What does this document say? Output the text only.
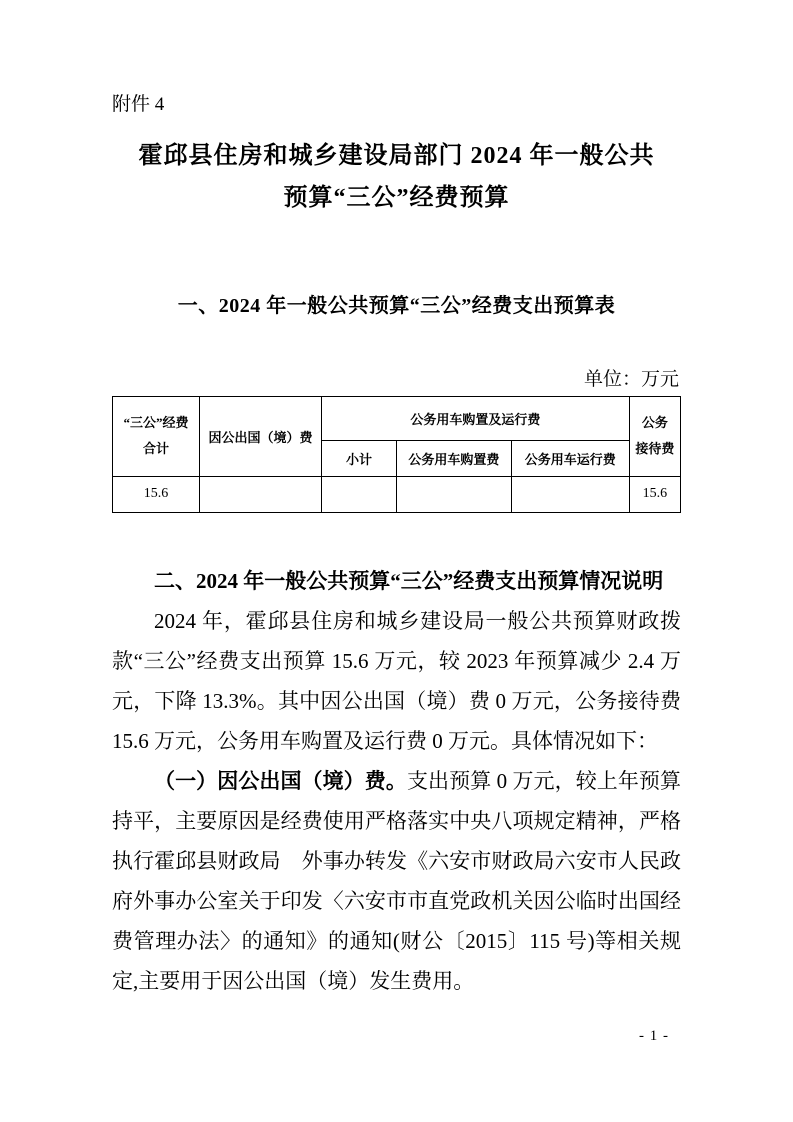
附件 4
霍邱县住房和城乡建设局部门 2024 年一般公共
预算“三公”经费预算
一、2024 年一般公共预算“三公”经费支出预算表
单位：万元
“三公”经费
合计
	因公出国（境）费	公务用车购置及运行费	公务
接待费

		小计	公务用车购置费	公务用车运行费	
15.6					15.6
二、2024 年一般公共预算“三公”经费支出预算情况说明

2024 年，霍邱县住房和城乡建设局一般公共预算财政拨款“三公”经费支出预算 15.6 万元，较 2023 年预算减少 2.4 万元，下降 13.3%。其中因公出国（境）费 0 万元，公务接待费 15.6 万元，公务用车购置及运行费 0 万元。具体情况如下：

（一）因公出国（境）费。支出预算 0 万元，较上年预算持平，主要原因是经费使用严格落实中央八项规定精神，严格执行霍邱县财政局　外事办转发《六安市财政局六安市人民政府外事办公室关于印发〈六安市市直党政机关因公临时出国经费管理办法〉的通知》的通知(财公〔2015〕115 号)等相关规定,主要用于因公出国（境）发生费用。

- 1 -
